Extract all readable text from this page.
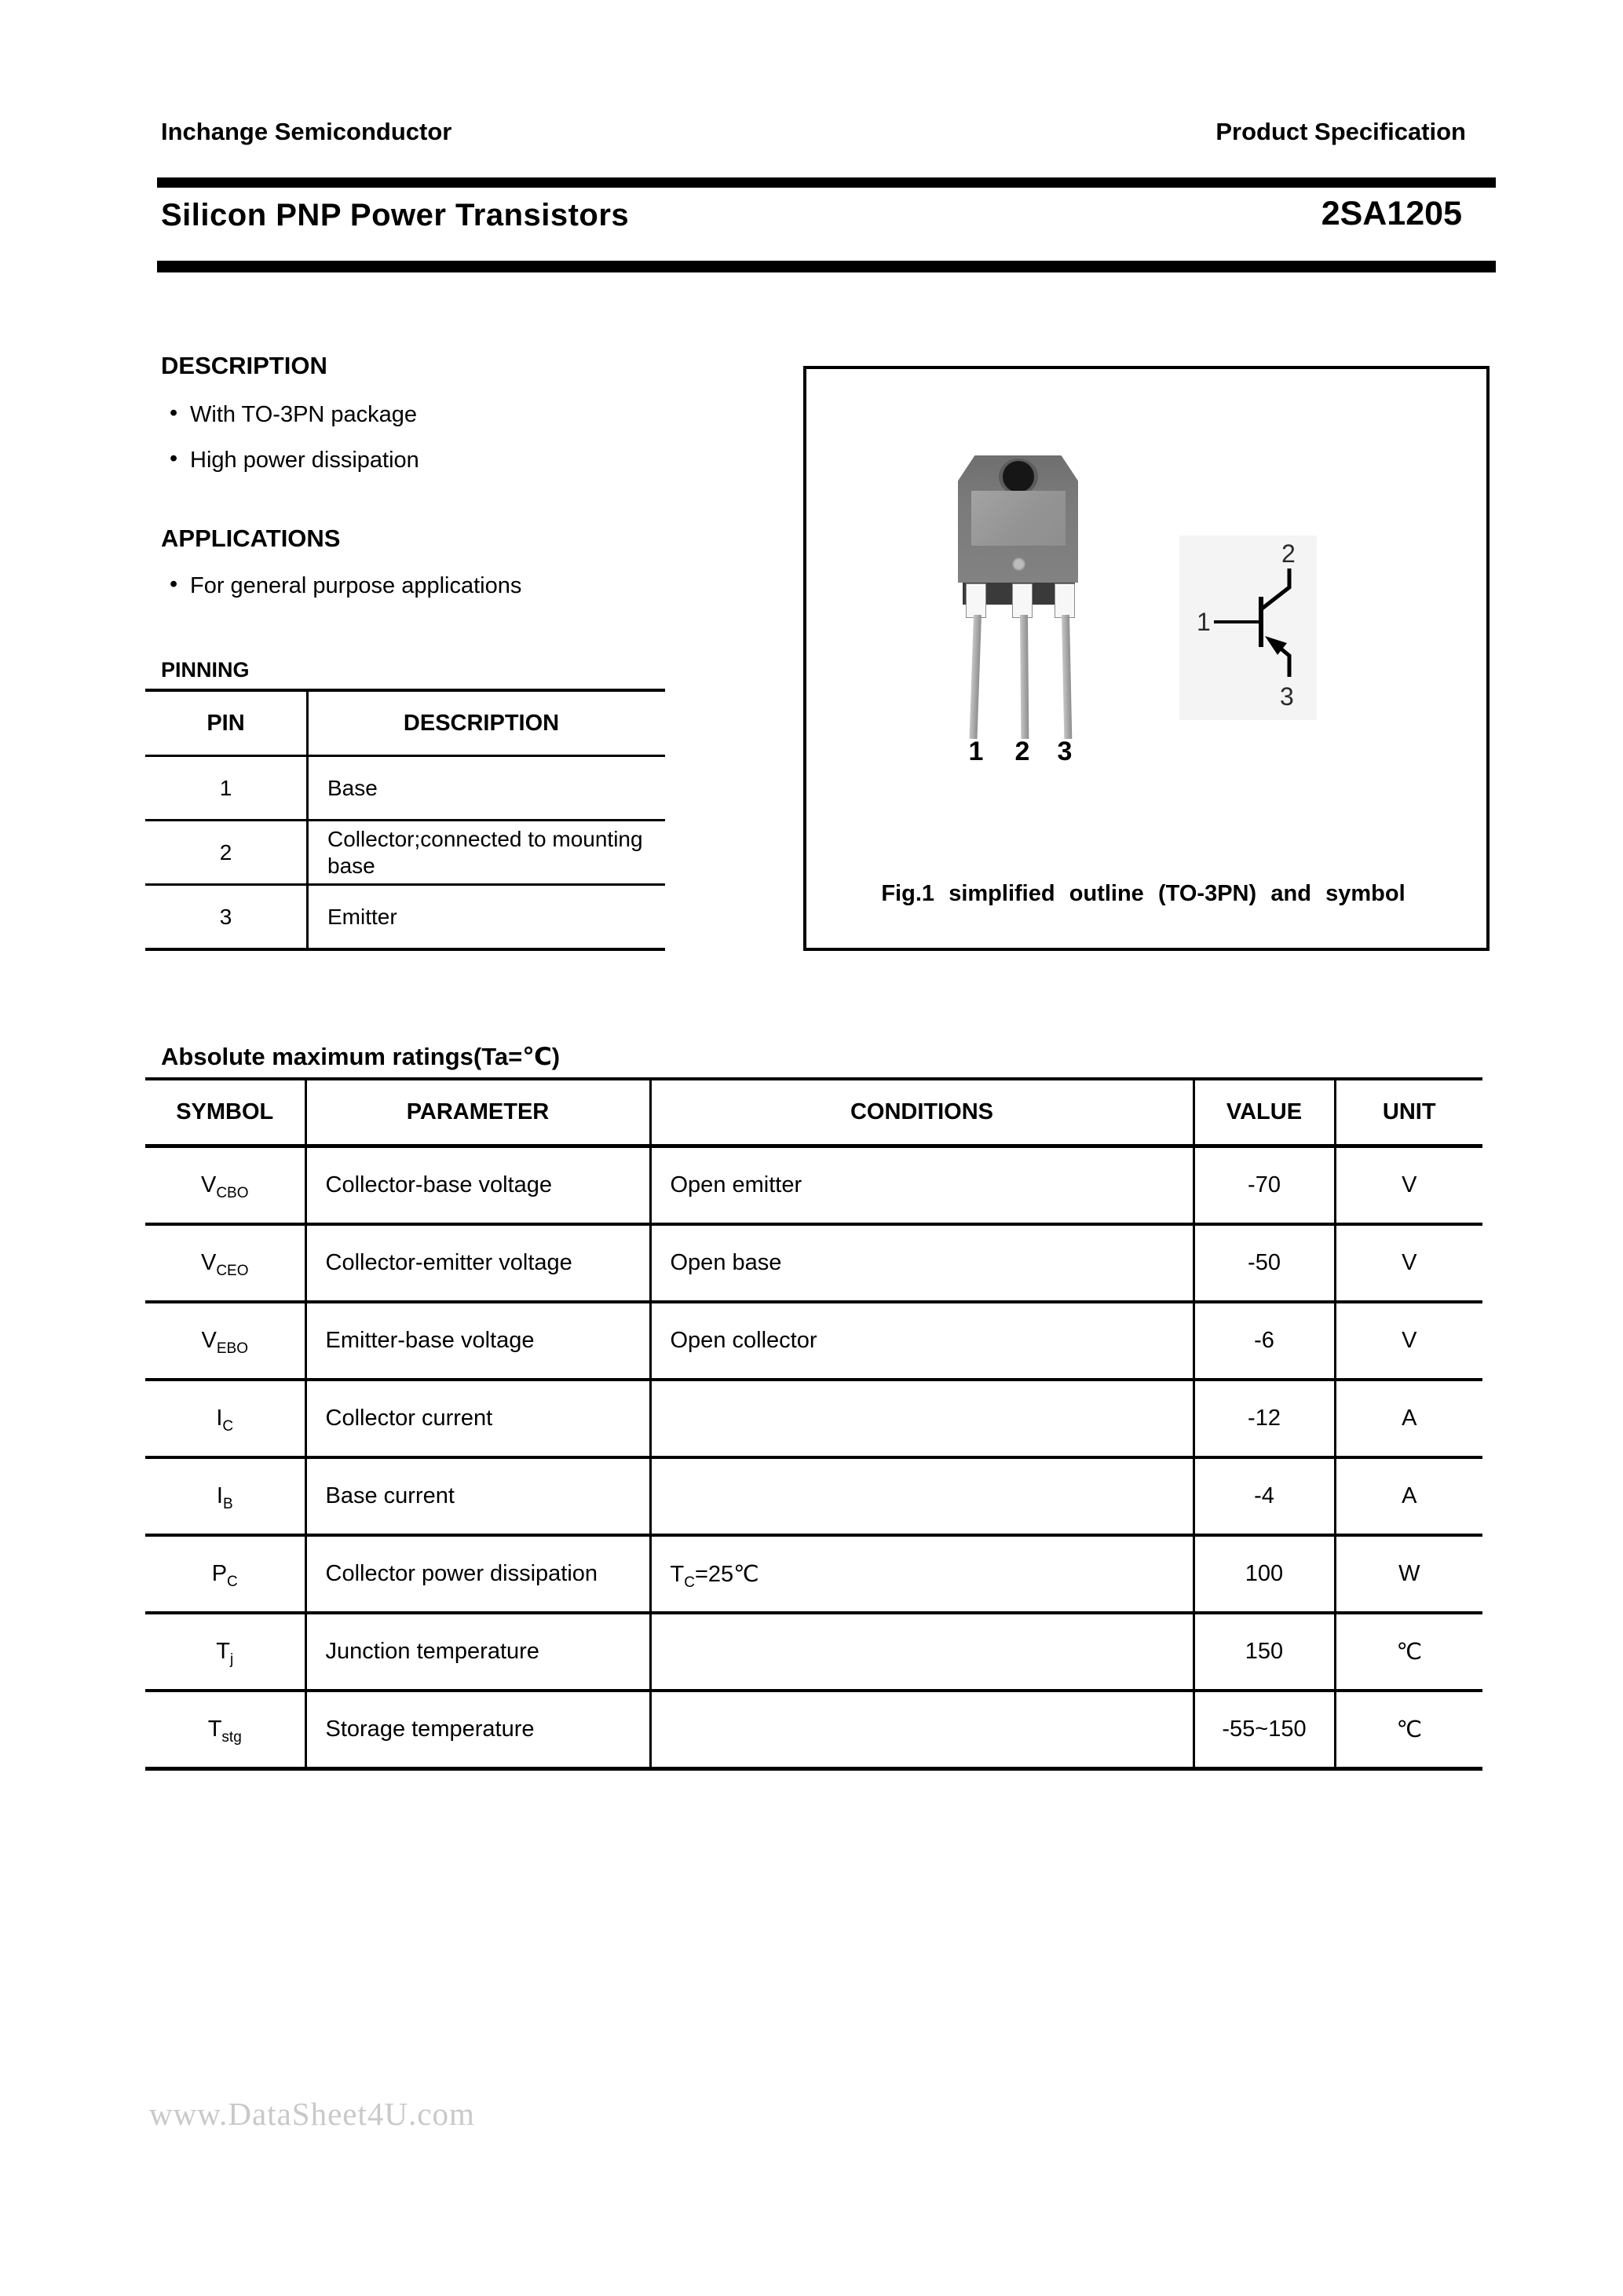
Inchange Semiconductor	Product Specification
Silicon PNP Power Transistors	2SA1205
DESCRIPTION
• With TO-3PN package
• High power dissipation
APPLICATIONS
• For general purpose applications
PINNING
PIN	DESCRIPTION
1	Base
2	Collector;connected to mounting base
3	Emitter
1 2 3
1
2
3
Fig.1 simplified outline (TO-3PN) and symbol
Absolute maximum ratings(Ta=℃)
SYMBOL	PARAMETER	CONDITIONS	VALUE	UNIT
$V_{CBO}$	Collector-base voltage	Open emitter	-70	V
$V_{CEO}$	Collector-emitter voltage	Open base	-50	V
$V_{EBO}$	Emitter-base voltage	Open collector	-6	V
$I_C$	Collector current		-12	A
$I_B$	Base current		-4	A
$P_C$	Collector power dissipation	$T_C=25℃$	100	W
$T_j$	Junction temperature		150	℃
$T_{stg}$	Storage temperature		-55~150	℃
www.DataSheet4U.com
